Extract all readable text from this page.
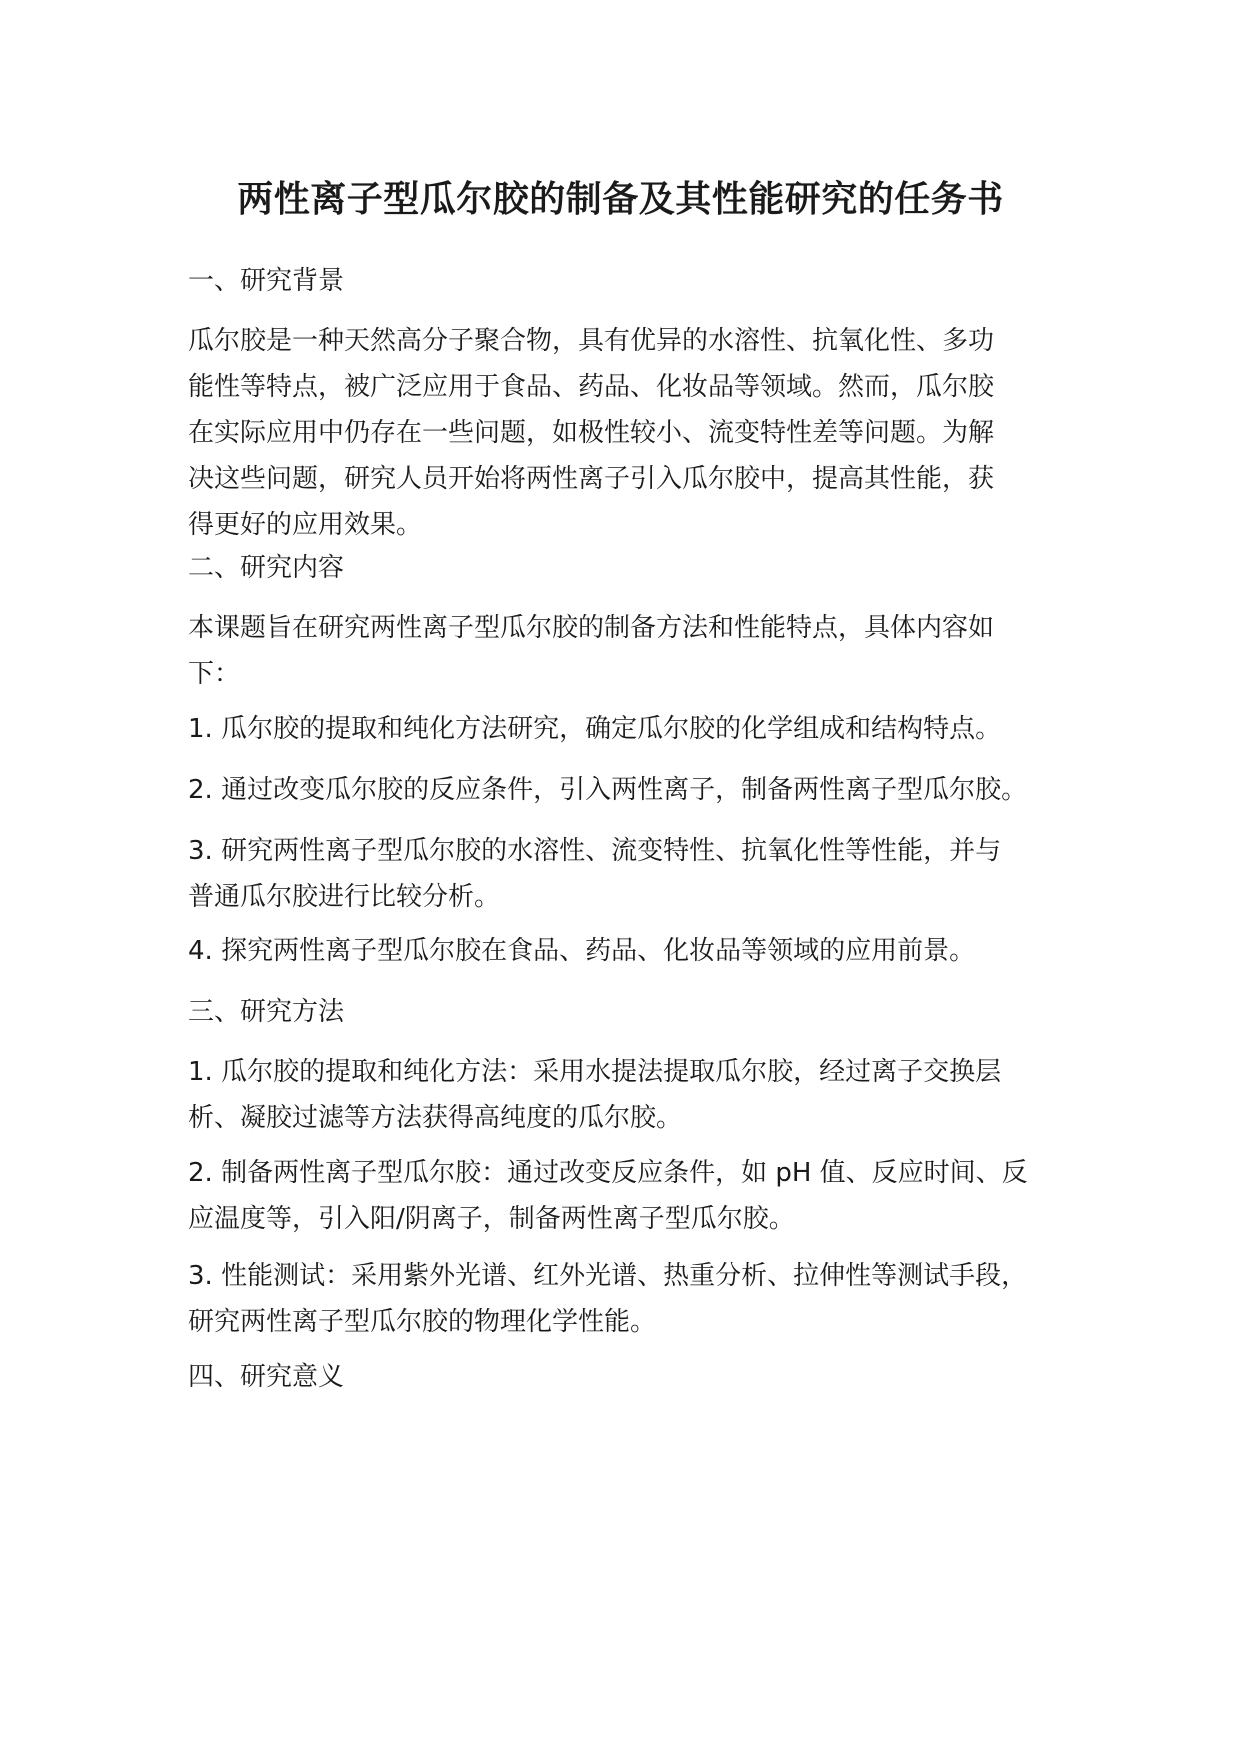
两性离子型瓜尔胶的制备及其性能研究的任务书
一、研究背景
瓜尔胶是一种天然高分子聚合物，具有优异的水溶性、抗氧化性、多功
能性等特点，被广泛应用于食品、药品、化妆品等领域。然而，瓜尔胶
在实际应用中仍存在一些问题，如极性较小、流变特性差等问题。为解
决这些问题，研究人员开始将两性离子引入瓜尔胶中，提高其性能，获
得更好的应用效果。
二、研究内容
本课题旨在研究两性离子型瓜尔胶的制备方法和性能特点，具体内容如
下：
1. 瓜尔胶的提取和纯化方法研究，确定瓜尔胶的化学组成和结构特点。
2. 通过改变瓜尔胶的反应条件，引入两性离子，制备两性离子型瓜尔胶。
3. 研究两性离子型瓜尔胶的水溶性、流变特性、抗氧化性等性能，并与
普通瓜尔胶进行比较分析。
4. 探究两性离子型瓜尔胶在食品、药品、化妆品等领域的应用前景。
三、研究方法
1. 瓜尔胶的提取和纯化方法：采用水提法提取瓜尔胶，经过离子交换层
析、凝胶过滤等方法获得高纯度的瓜尔胶。
2. 制备两性离子型瓜尔胶：通过改变反应条件，如 pH 值、反应时间、反
应温度等，引入阳/阴离子，制备两性离子型瓜尔胶。
3. 性能测试：采用紫外光谱、红外光谱、热重分析、拉伸性等测试手段，
研究两性离子型瓜尔胶的物理化学性能。
四、研究意义
